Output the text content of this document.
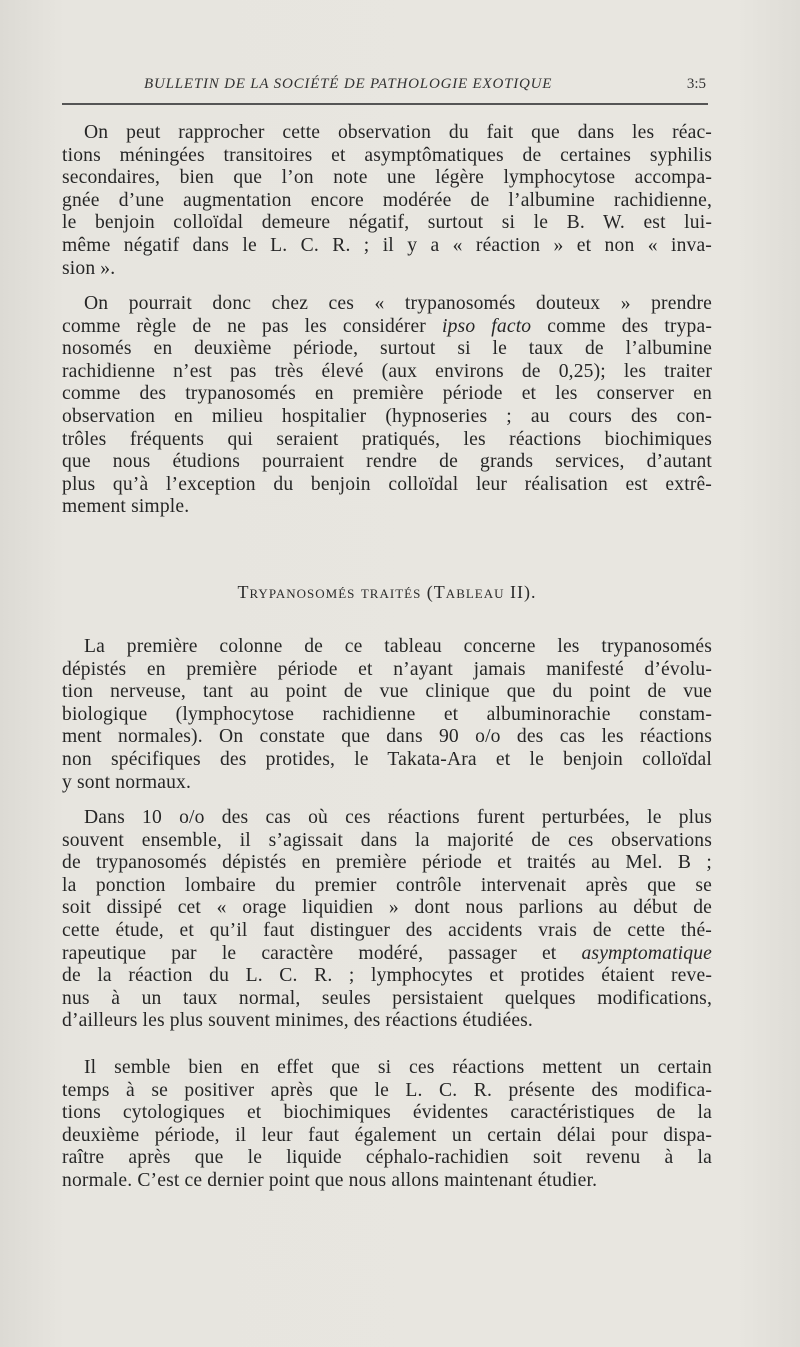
BULLETIN DE LA SOCIÉTÉ DE PATHOLOGIE EXOTIQUE	3:5
On peut rapprocher cette observation du fait que dans les réac-
tions méningées transitoires et asymptômatiques de certaines syphilis
secondaires, bien que l’on note une légère lymphocytose accompa-
gnée d’une augmentation encore modérée de l’albumine rachidienne,
le benjoin colloïdal demeure négatif, surtout si le B. W. est lui-
même négatif dans le L. C. R. ; il y a « réaction » et non « inva-
sion ».
On pourrait donc chez ces « trypanosomés douteux » prendre
comme règle de ne pas les considérer ipso facto comme des trypa-
nosomés en deuxième période, surtout si le taux de l’albumine
rachidienne n’est pas très élevé (aux environs de 0,25); les traiter
comme des trypanosomés en première période et les conserver en
observation en milieu hospitalier (hypnoseries ; au cours des con-
trôles fréquents qui seraient pratiqués, les réactions biochimiques
que nous étudions pourraient rendre de grands services, d’autant
plus qu’à l’exception du benjoin colloïdal leur réalisation est extrê-
mement simple.
Trypanosomés traités (Tableau II).
La première colonne de ce tableau concerne les trypanosomés
dépistés en première période et n’ayant jamais manifesté d’évolu-
tion nerveuse, tant au point de vue clinique que du point de vue
biologique (lymphocytose rachidienne et albuminorachie constam-
ment normales). On constate que dans 90 o/o des cas les réactions
non spécifiques des protides, le Takata-Ara et le benjoin colloïdal
y sont normaux.
Dans 10 o/o des cas où ces réactions furent perturbées, le plus
souvent ensemble, il s’agissait dans la majorité de ces observations
de trypanosomés dépistés en première période et traités au Mel. B ;
la ponction lombaire du premier contrôle intervenait après que se
soit dissipé cet « orage liquidien » dont nous parlions au début de
cette étude, et qu’il faut distinguer des accidents vrais de cette thé-
rapeutique par le caractère modéré, passager et asymptomatique
de la réaction du L. C. R. ; lymphocytes et protides étaient reve-
nus à un taux normal, seules persistaient quelques modifications,
d’ailleurs les plus souvent minimes, des réactions étudiées.
Il semble bien en effet que si ces réactions mettent un certain
temps à se positiver après que le L. C. R. présente des modifica-
tions cytologiques et biochimiques évidentes caractéristiques de la
deuxième période, il leur faut également un certain délai pour dispa-
raître après que le liquide céphalo-rachidien soit revenu à la
normale. C’est ce dernier point que nous allons maintenant étudier.
